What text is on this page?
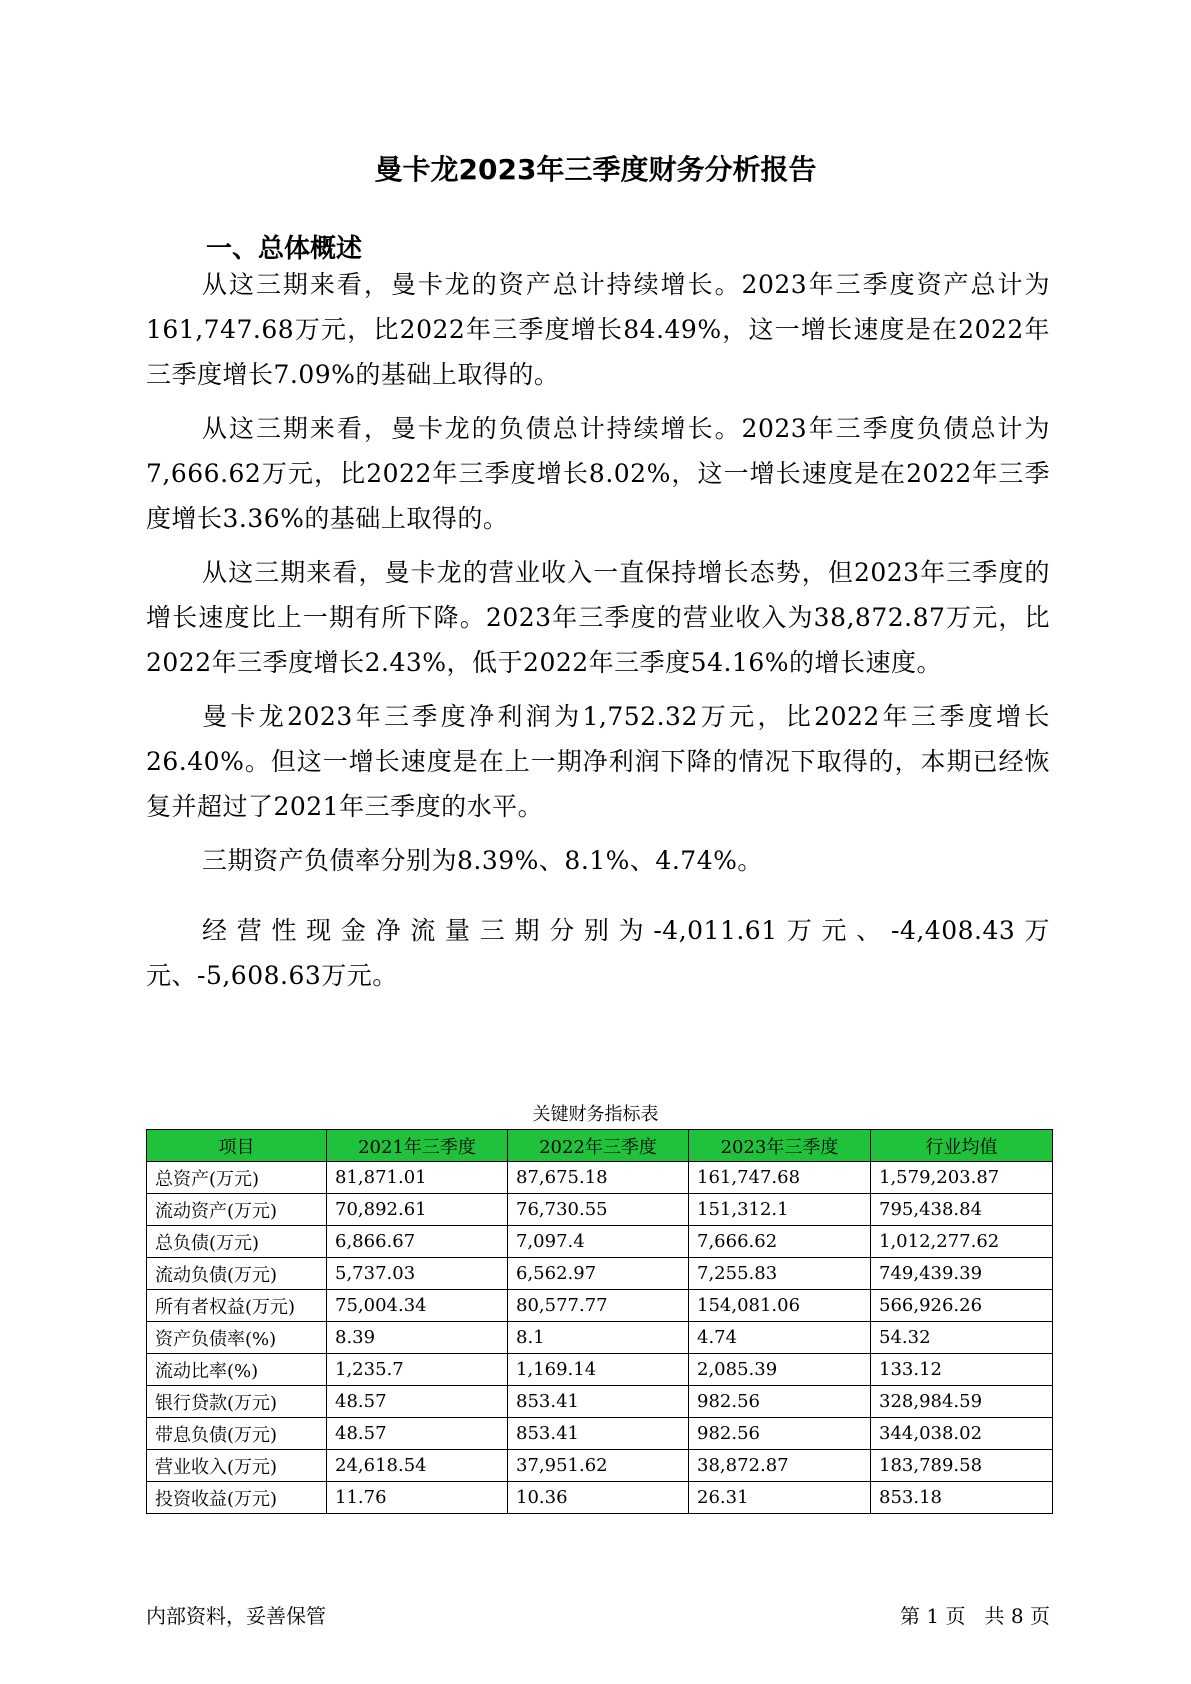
曼卡龙2023年三季度财务分析报告
一、总体概述

从这三期来看，曼卡龙的资产总计持续增长。2023年三季度资产总计为161,747.68万元，比2022年三季度增长84.49%，这一增长速度是在2022年三季度增长7.09%的基础上取得的。

从这三期来看，曼卡龙的负债总计持续增长。2023年三季度负债总计为7,666.62万元，比2022年三季度增长8.02%，这一增长速度是在2022年三季度增长3.36%的基础上取得的。

从这三期来看，曼卡龙的营业收入一直保持增长态势，但2023年三季度的增长速度比上一期有所下降。2023年三季度的营业收入为38,872.87万元，比2022年三季度增长2.43%，低于2022年三季度54.16%的增长速度。

曼卡龙2023年三季度净利润为1,752.32万元，比2022年三季度增长26.40%。但这一增长速度是在上一期净利润下降的情况下取得的，本期已经恢复并超过了2021年三季度的水平。

三期资产负债率分别为8.39%、8.1%、4.74%。

经营性现金净流量三期分别为-4,011.61万元、-4,408.43万元、-5,608.63万元。

关键财务指标表
项目	2021年三季度	2022年三季度	2023年三季度	行业均值
总资产(万元)	81,871.01	87,675.18	161,747.68	1,579,203.87
流动资产(万元)	70,892.61	76,730.55	151,312.1	795,438.84
总负债(万元)	6,866.67	7,097.4	7,666.62	1,012,277.62
流动负债(万元)	5,737.03	6,562.97	7,255.83	749,439.39
所有者权益(万元)	75,004.34	80,577.77	154,081.06	566,926.26
资产负债率(%)	8.39	8.1	4.74	54.32
流动比率(%)	1,235.7	1,169.14	2,085.39	133.12
银行贷款(万元)	48.57	853.41	982.56	328,984.59
带息负债(万元)	48.57	853.41	982.56	344,038.02
营业收入(万元)	24,618.54	37,951.62	38,872.87	183,789.58
投资收益(万元)	11.76	10.36	26.31	853.18
内部资料，妥善保管	第 1 页   共 8 页
